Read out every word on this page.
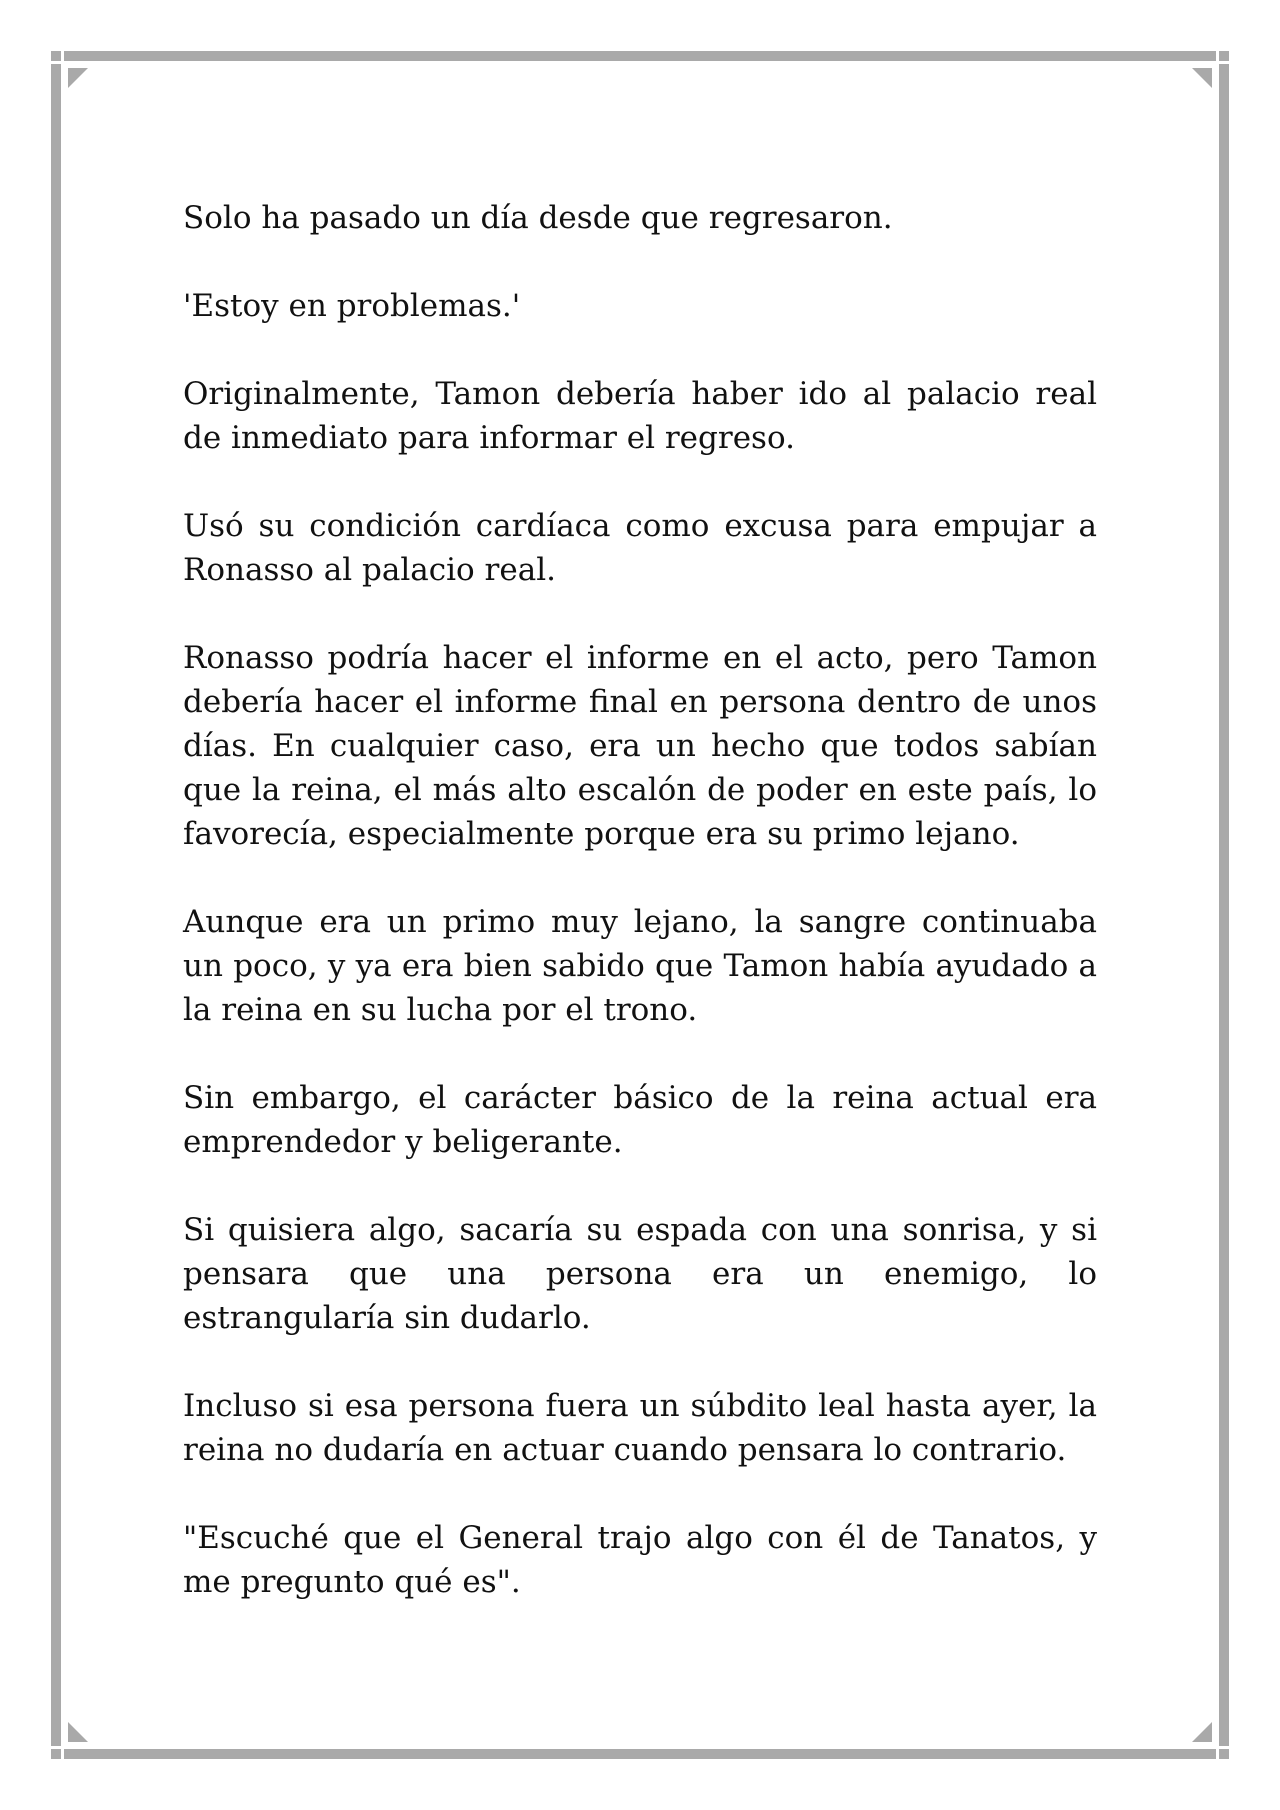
Solo ha pasado un día desde que regresaron.

'Estoy en problemas.'

Originalmente, Tamon debería haber ido al palacio real de inmediato para informar el regreso.

Usó su condición cardíaca como excusa para empujar a Ronasso al palacio real.

Ronasso podría hacer el informe en el acto, pero Tamon debería hacer el informe final en persona dentro de unos días. En cualquier caso, era un hecho que todos sabían que la reina, el más alto escalón de poder en este país, lo favorecía, especialmente porque era su primo lejano.

Aunque era un primo muy lejano, la sangre continuaba un poco, y ya era bien sabido que Tamon había ayudado a la reina en su lucha por el trono.

Sin embargo, el carácter básico de la reina actual era emprendedor y beligerante.

Si quisiera algo, sacaría su espada con una sonrisa, y si pensara que una persona era un enemigo, lo estrangularía sin dudarlo.

Incluso si esa persona fuera un súbdito leal hasta ayer, la reina no dudaría en actuar cuando pensara lo contrario.

"Escuché que el General trajo algo con él de Tanatos, y me pregunto qué es".
